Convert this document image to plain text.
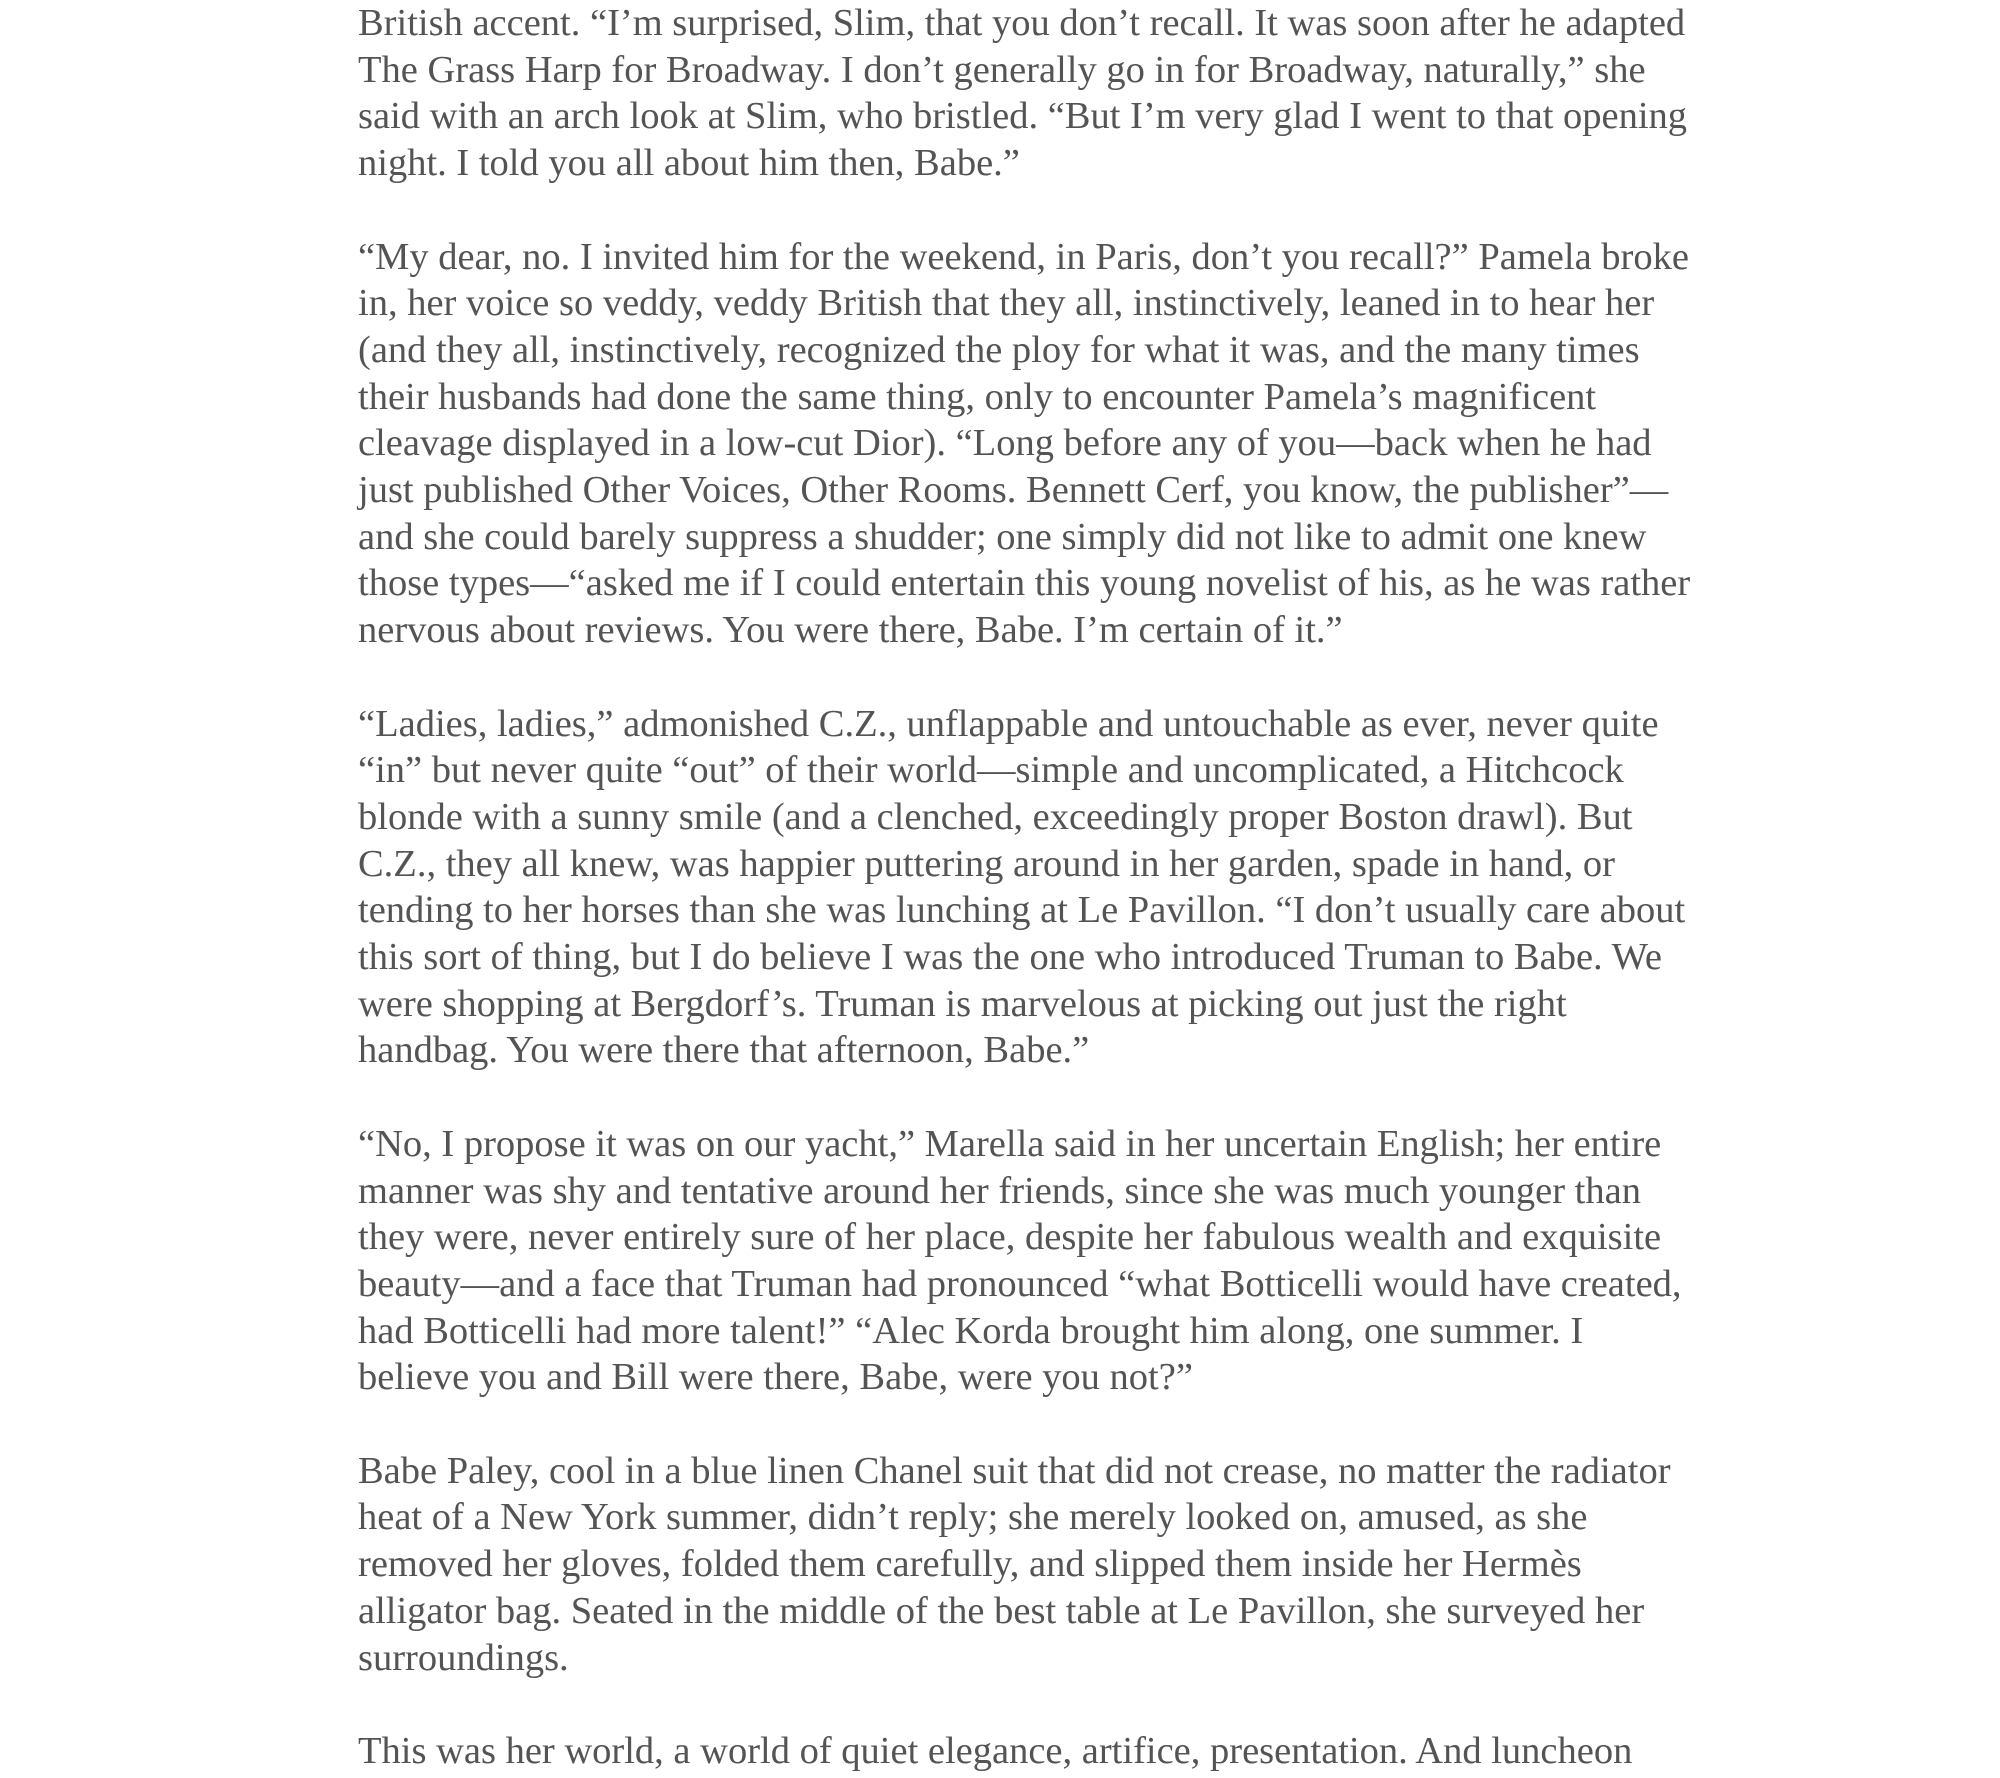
British accent. “I’m surprised, Slim, that you don’t recall. It was soon after he adapted
The Grass Harp for Broadway. I don’t generally go in for Broadway, naturally,” she
said with an arch look at Slim, who bristled. “But I’m very glad I went to that opening
night. I told you all about him then, Babe.”

“My dear, no. I invited him for the weekend, in Paris, don’t you recall?” Pamela broke
in, her voice so veddy, veddy British that they all, instinctively, leaned in to hear her
(and they all, instinctively, recognized the ploy for what it was, and the many times
their husbands had done the same thing, only to encounter Pamela’s magnificent
cleavage displayed in a low-cut Dior). “Long before any of you—back when he had
just published Other Voices, Other Rooms. Bennett Cerf, you know, the publisher”—
and she could barely suppress a shudder; one simply did not like to admit one knew
those types—“asked me if I could entertain this young novelist of his, as he was rather
nervous about reviews. You were there, Babe. I’m certain of it.”

“Ladies, ladies,” admonished C.Z., unflappable and untouchable as ever, never quite
“in” but never quite “out” of their world—simple and uncomplicated, a Hitchcock
blonde with a sunny smile (and a clenched, exceedingly proper Boston drawl). But
C.Z., they all knew, was happier puttering around in her garden, spade in hand, or
tending to her horses than she was lunching at Le Pavillon. “I don’t usually care about
this sort of thing, but I do believe I was the one who introduced Truman to Babe. We
were shopping at Bergdorf’s. Truman is marvelous at picking out just the right
handbag. You were there that afternoon, Babe.”

“No, I propose it was on our yacht,” Marella said in her uncertain English; her entire
manner was shy and tentative around her friends, since she was much younger than
they were, never entirely sure of her place, despite her fabulous wealth and exquisite
beauty—and a face that Truman had pronounced “what Botticelli would have created,
had Botticelli had more talent!” “Alec Korda brought him along, one summer. I
believe you and Bill were there, Babe, were you not?”

Babe Paley, cool in a blue linen Chanel suit that did not crease, no matter the radiator
heat of a New York summer, didn’t reply; she merely looked on, amused, as she
removed her gloves, folded them carefully, and slipped them inside her Hermès
alligator bag. Seated in the middle of the best table at Le Pavillon, she surveyed her
surroundings.

This was her world, a world of quiet elegance, artifice, presentation. And luncheon
